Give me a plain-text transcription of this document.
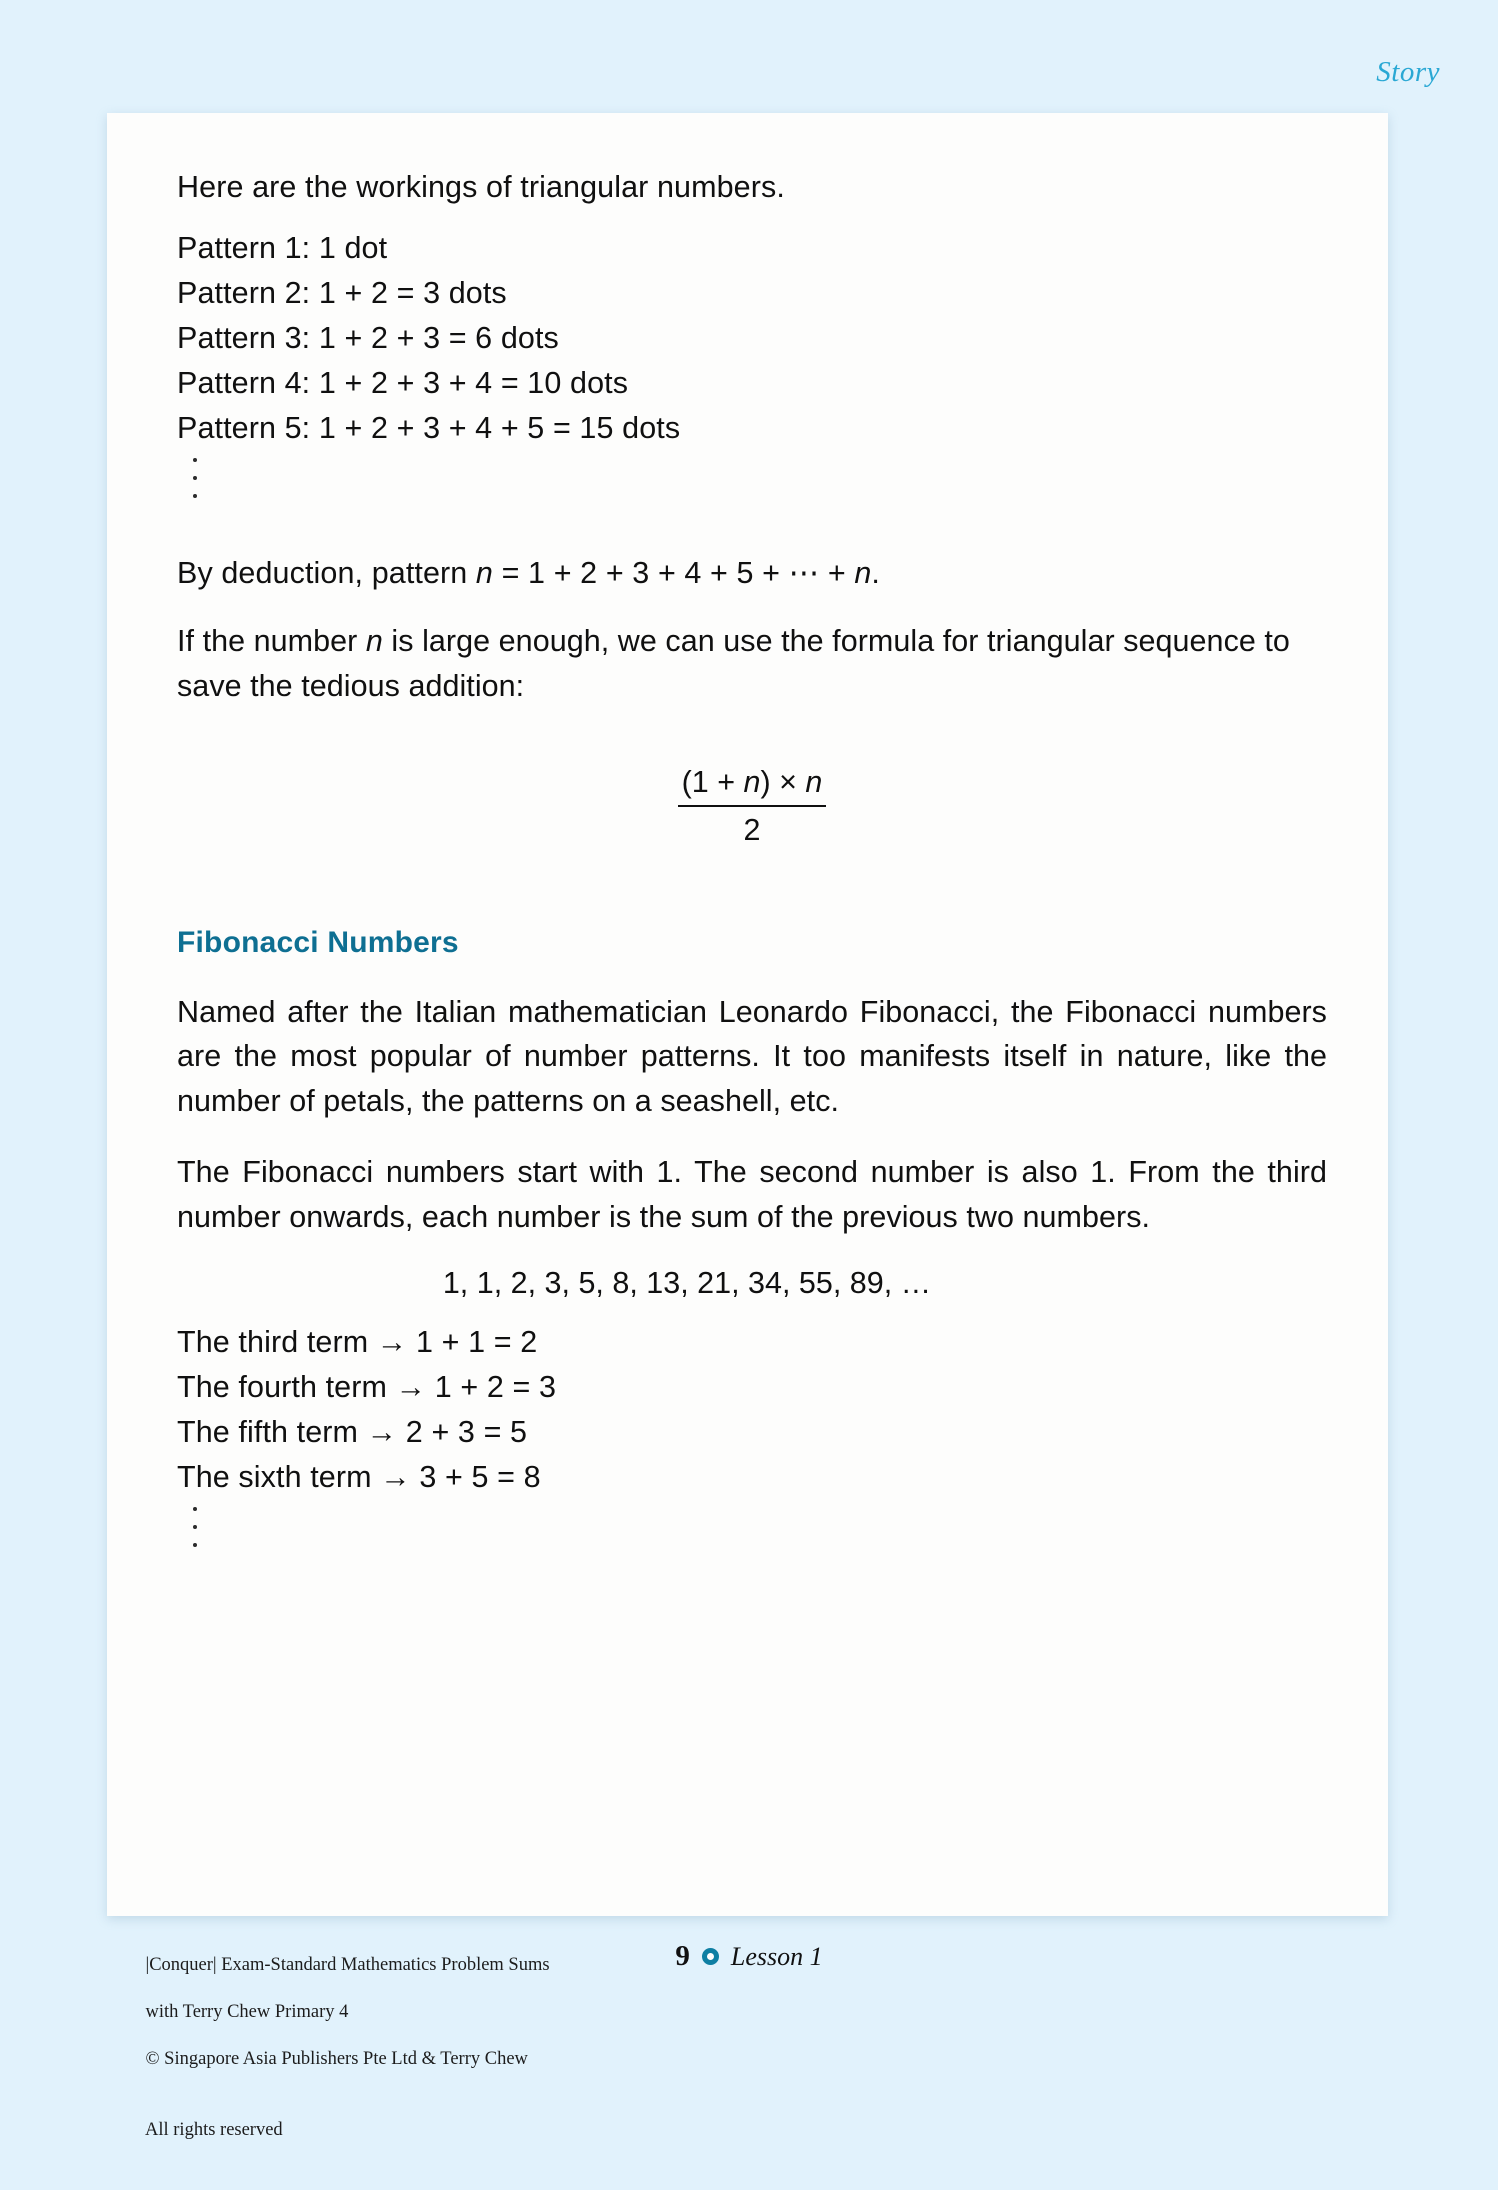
Story

Here are the workings of triangular numbers.

Pattern 1: 1 dot
Pattern 2: 1 + 2 = 3 dots
Pattern 3: 1 + 2 + 3 = 6 dots
Pattern 4: 1 + 2 + 3 + 4 = 10 dots
Pattern 5: 1 + 2 + 3 + 4 + 5 = 15 dots

By deduction, pattern n = 1 + 2 + 3 + 4 + 5 + ⋯ + n.

If the number n is large enough, we can use the formula for triangular sequence to save the tedious addition:

$\frac{(1 + n) \times n}{2}$
Fibonacci Numbers

Named after the Italian mathematician Leonardo Fibonacci, the Fibonacci numbers are the most popular of number patterns. It too manifests itself in nature, like the number of petals, the patterns on a seashell, etc.

The Fibonacci numbers start with 1. The second number is also 1. From the third number onwards, each number is the sum of the previous two numbers.

1, 1, 2, 3, 5, 8, 13, 21, 34, 55, 89, …
The third term → 1 + 1 = 2
The fourth term → 1 + 2 = 3
The fifth term → 2 + 3 = 5
The sixth term → 3 + 5 = 8

|Conquer| Exam-Standard Mathematics Problem Sums

with Terry Chew Primary 4

© Singapore Asia Publishers Pte Ltd & Terry Chew

All rights reserved

9 Lesson 1
